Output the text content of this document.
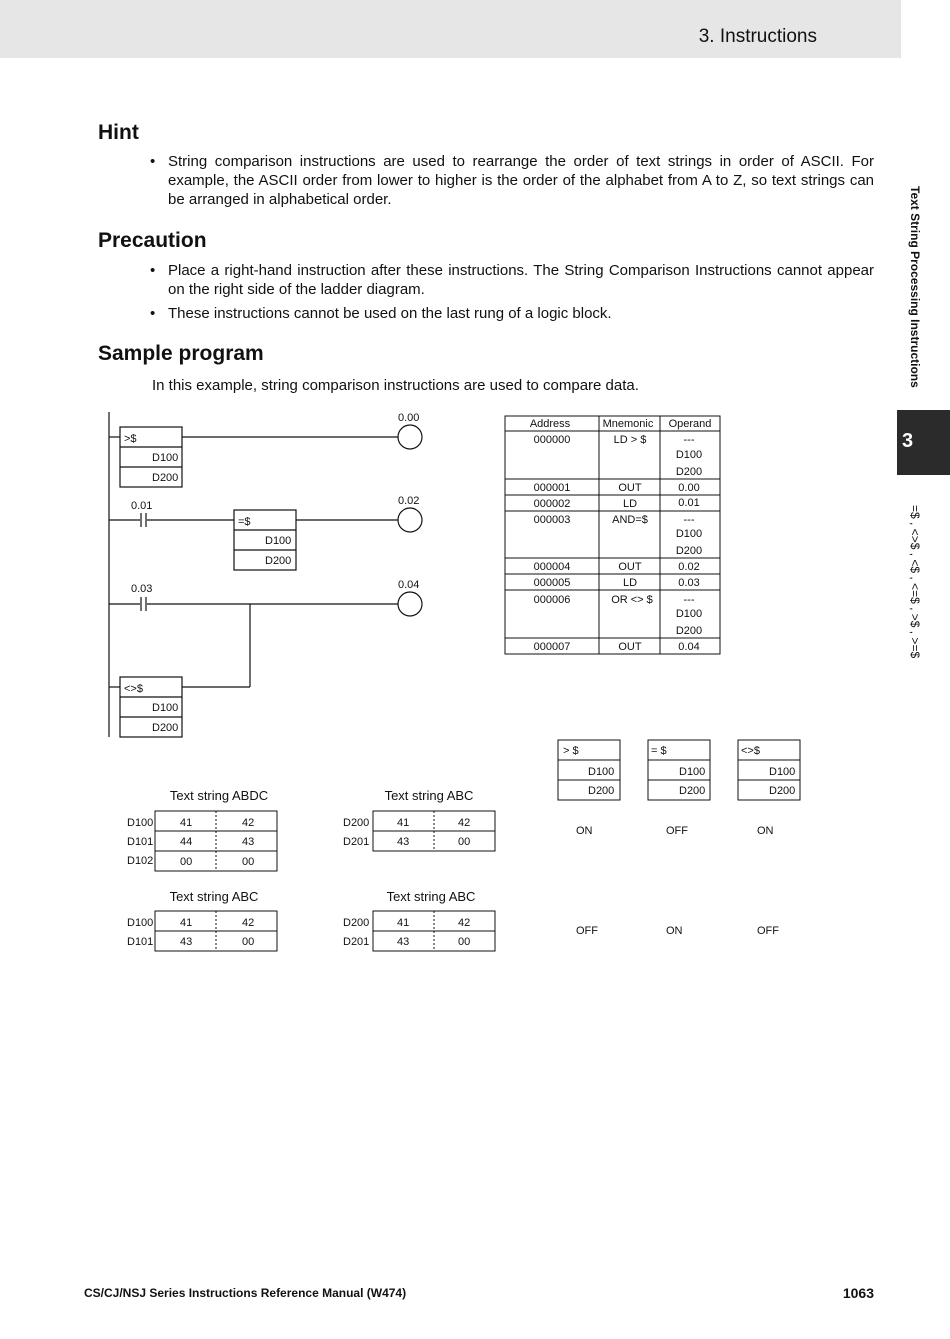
3. Instructions
Text String Processing Instructions
3
=$ , <>$ , <$ , <=$ , >$ , >=$
Hint
• String comparison instructions are used to rearrange the order of text strings in order of ASCII. For example, the ASCII order from lower to higher is the order of the alphabet from A to Z, so text strings can be arranged in alphabetical order.
Precaution
• Place a right-hand instruction after these instructions. The String Comparison Instructions cannot appear on the right side of the ladder diagram.
• These instructions cannot be used on the last rung of a logic block.
Sample program
In this example, string comparison instructions are used to compare data.
>$
D100
D200
0.00
0.01
=$
D100
D200
0.02
0.03	0.04
<>$
D100
D200
Address	Mnemonic Operand
000000	LD > $	---
D100
D200
000001	OUT	0.00
000002	LD	0.01
000003	AND=$	---
D100
D200
000004	OUT	0.02
000005	LD	0.03
000006	OR <> $	---
D100
D200
000007	OUT	0.04
> $
D100
D200
= $
D100
D200
<>$
D100
D200
ON	OFF	ON
OFF	ON	OFF
Text string ABDC	Text string ABC
Text string ABC	Text string ABC
D100 41	42
D101 44	43
D102 00	00
D200	41	42
D201	43	00
D100 41	42
D101 43	00
D200	41	42
D201	43	00
CS/CJ/NSJ Series Instructions Reference Manual (W474)	1063
